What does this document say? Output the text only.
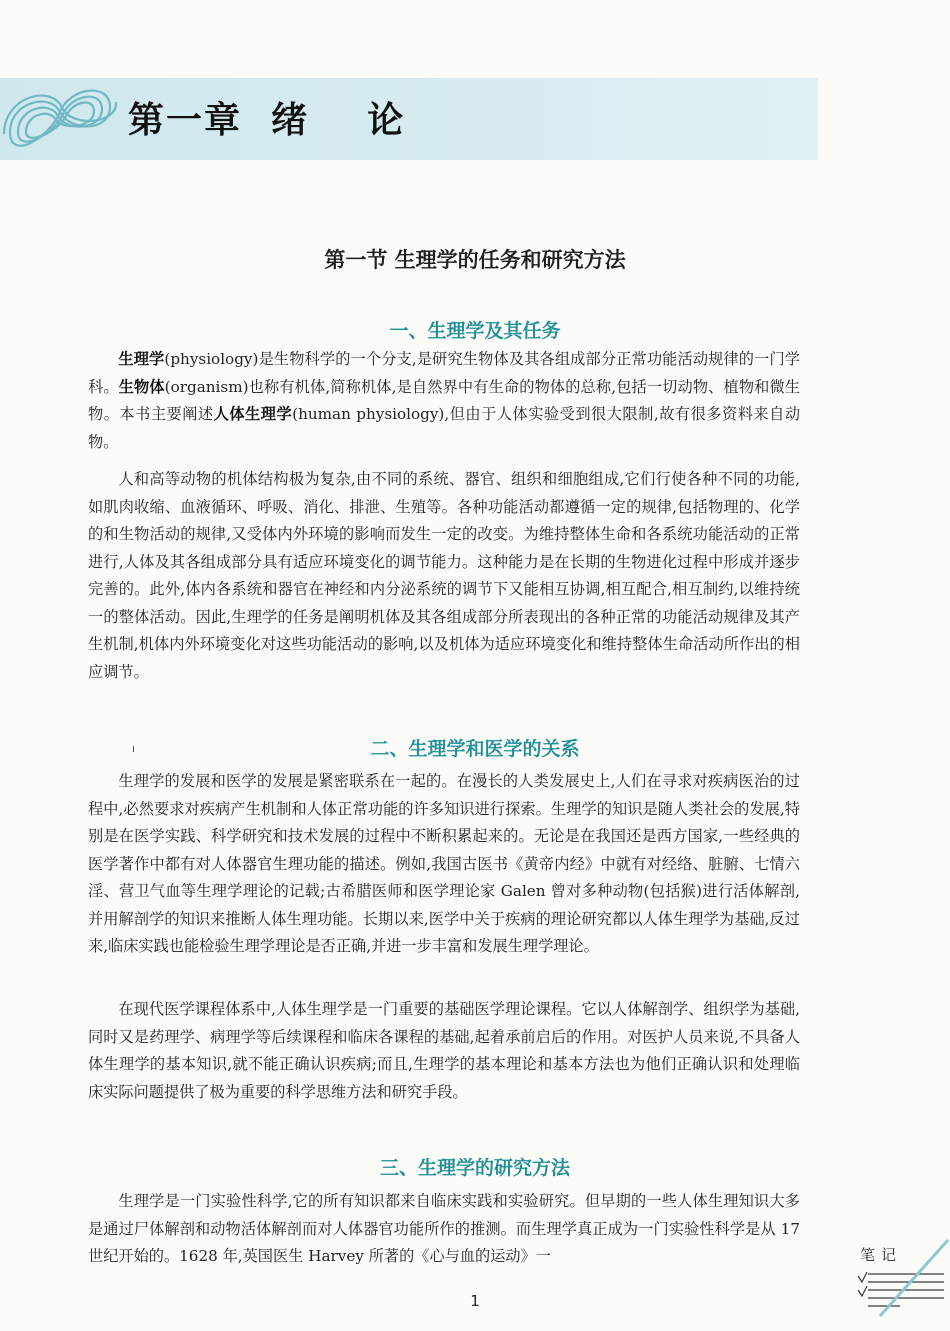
第一章  绪    论
第一节 生理学的任务和研究方法
一、生理学及其任务

生理学(physiology)是生物科学的一个分支,是研究生物体及其各组成部分正常功能活动规律的一门学科。生物体(organism)也称有机体,简称机体,是自然界中有生命的物体的总称,包括一切动物、植物和微生物。本书主要阐述人体生理学(human physiology),但由于人体实验受到很大限制,故有很多资料来自动物。

人和高等动物的机体结构极为复杂,由不同的系统、器官、组织和细胞组成,它们行使各种不同的功能,如肌肉收缩、血液循环、呼吸、消化、排泄、生殖等。各种功能活动都遵循一定的规律,包括物理的、化学的和生物活动的规律,又受体内外环境的影响而发生一定的改变。为维持整体生命和各系统功能活动的正常进行,人体及其各组成部分具有适应环境变化的调节能力。这种能力是在长期的生物进化过程中形成并逐步完善的。此外,体内各系统和器官在神经和内分泌系统的调节下又能相互协调,相互配合,相互制约,以维持统一的整体活动。因此,生理学的任务是阐明机体及其各组成部分所表现出的各种正常的功能活动规律及其产生机制,机体内外环境变化对这些功能活动的影响,以及机体为适应环境变化和维持整体生命活动所作出的相应调节。

二、生理学和医学的关系

生理学的发展和医学的发展是紧密联系在一起的。在漫长的人类发展史上,人们在寻求对疾病医治的过程中,必然要求对疾病产生机制和人体正常功能的许多知识进行探索。生理学的知识是随人类社会的发展,特别是在医学实践、科学研究和技术发展的过程中不断积累起来的。无论是在我国还是西方国家,一些经典的医学著作中都有对人体器官生理功能的描述。例如,我国古医书《黄帝内经》中就有对经络、脏腑、七情六淫、营卫气血等生理学理论的记载;古希腊医师和医学理论家 Galen 曾对多种动物(包括猴)进行活体解剖,并用解剖学的知识来推断人体生理功能。长期以来,医学中关于疾病的理论研究都以人体生理学为基础,反过来,临床实践也能检验生理学理论是否正确,并进一步丰富和发展生理学理论。

在现代医学课程体系中,人体生理学是一门重要的基础医学理论课程。它以人体解剖学、组织学为基础,同时又是药理学、病理学等后续课程和临床各课程的基础,起着承前启后的作用。对医护人员来说,不具备人体生理学的基本知识,就不能正确认识疾病;而且,生理学的基本理论和基本方法也为他们正确认识和处理临床实际问题提供了极为重要的科学思维方法和研究手段。

三、生理学的研究方法

生理学是一门实验性科学,它的所有知识都来自临床实践和实验研究。但早期的一些人体生理知识大多是通过尸体解剖和动物活体解剖而对人体器官功能所作的推测。而生理学真正成为一门实验性科学是从 17 世纪开始的。1628 年,英国医生 Harvey 所著的《心与血的运动》一	笔记
1
